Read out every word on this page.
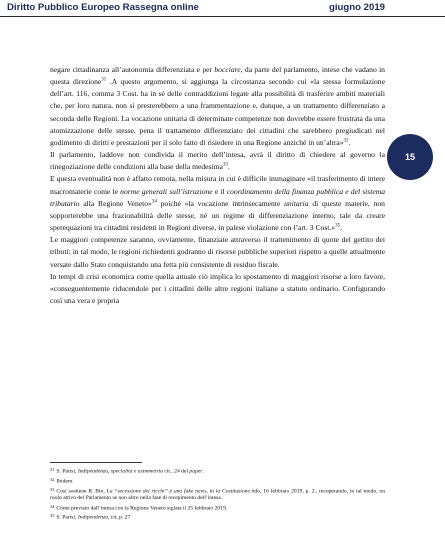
Diritto Pubblico Europeo Rassegna online	giugno 2019
15

negare cittadinanza all’autonomia differenziata e per bocciare, da parte del parlamento, intese che vadano in questa direzione$^{31}$ .A questo argomento, si aggiunga la circostanza secondo cui «la stessa formulazione dell’art. 116, comma 3 Cost. ha in sé delle contraddizioni legate alla possibilità di trasferire ambiti materiali che, per loro natura, non si presterebbero a una frammentazione e, dunque, a un trattamento differenziato a seconda delle Regioni. La vocazione unitaria di determinate competenze non dovrebbe essere frustrata da una atomizzazione delle stesse, pena il trattamento differenziato dei cittadini che sarebbero pregiudicati nel godimento di diritti e prestazioni per il solo fatto di risiedere in una Regione anziché in un’altra»$^{32}$.

Il parlamento, laddove non condivida il merito dell’intesa, avrà il diritto di chiedere al governo la rinegoziazione delle condizioni alla base della medesima$^{33}$.

E questa eventualità non è affatto remota, nella misura in cui è difficile immaginare «il trasferimento di intere macromaterie come le norme generali sull’istruzione e il coordinamento della finanza pubblica e del sistema tributario alla Regione Veneto»$^{34}$ poiché «la vocazione intrinsecamente unitaria di queste materie, non sopporterebbe una frazionabilità delle stesse, né un regime di differenziazione interno, tale da creare sperequazioni tra cittadini residenti in Regioni diverse, in palese violazione con l’art. 3 Cost.»$^{35}$.

Le maggiori competenze saranno, ovviamente, finanziate attraverso il trattenimento di quote del gettito dei tributi: in tal modo, le regioni richiedenti godranno di risorse pubbliche superiori rispetto a quelle attualmente versate dallo Stato conquistando una fetta più consistente di residuo fiscale.

In tempi di crisi economica come quella attuale ciò implica lo spostamento di maggiori risorse a loro favore, «conseguentemente riducendole per i cittadini delle altre regioni italiane a statuto ordinario. Configurando così una vera e propria

$^{31}$ S. Parisi, Indipendenza, specialità e asimmetria cit., 24 del paper.
$^{32}$ Ibidem.
$^{33}$ Così sostiene R. Bin, La “secessione dei ricchi” è una fake news, in la Costituzione.info, 16 febbraio 2019, p. 2., recuperando, in tal modo, un ruolo attivo del Parlamento se non altro nella fase di recepimento dell’intesa.
$^{34}$ Come previsto dall’intesa con la Regione Veneto siglata il 25 febbraio 2019.
$^{35}$ S. Parisi, Indipendenza, cit, p. 27
